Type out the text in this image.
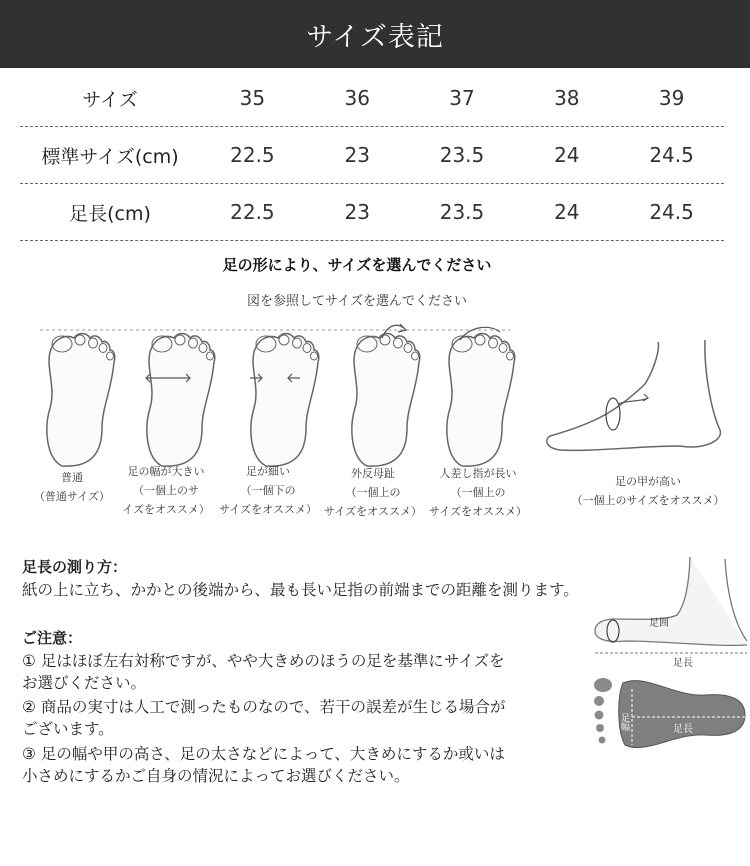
サイズ表記
サイズ	35	36	37	38	39
標準サイズ(cm)	22.5	23	23.5	24	24.5
足長(cm)	22.5	23	23.5	24	24.5
足の形により、サイズを選んでください
図を参照してサイズを選んでください
普通
（普通サイズ）
足の幅が大きい
（一個上のサ
イズをオススメ）
足が細い
（一個下の
サイズをオススメ）
外反母趾
（一個上の
サイズをオススメ）
人差し指が長い
（一個上の
サイズをオススメ）
足の甲が高い
（一個上のサイズをオススメ）
足長の測り方：
紙の上に立ち、かかとの後端から、最も長い足指の前端までの距離を測ります。
ご注意：
① 足はほぼ左右対称ですが、やや大きめのほうの足を基準にサイズを
お選びください。
② 商品の実寸は人工で測ったものなので、若干の誤差が生じる場合が
ございます。
③ 足の幅や甲の高さ、足の太さなどによって、大きめにするか或いは
小さめにするかご自身の情況によってお選びください。
足囲
足長
足幅	足長
